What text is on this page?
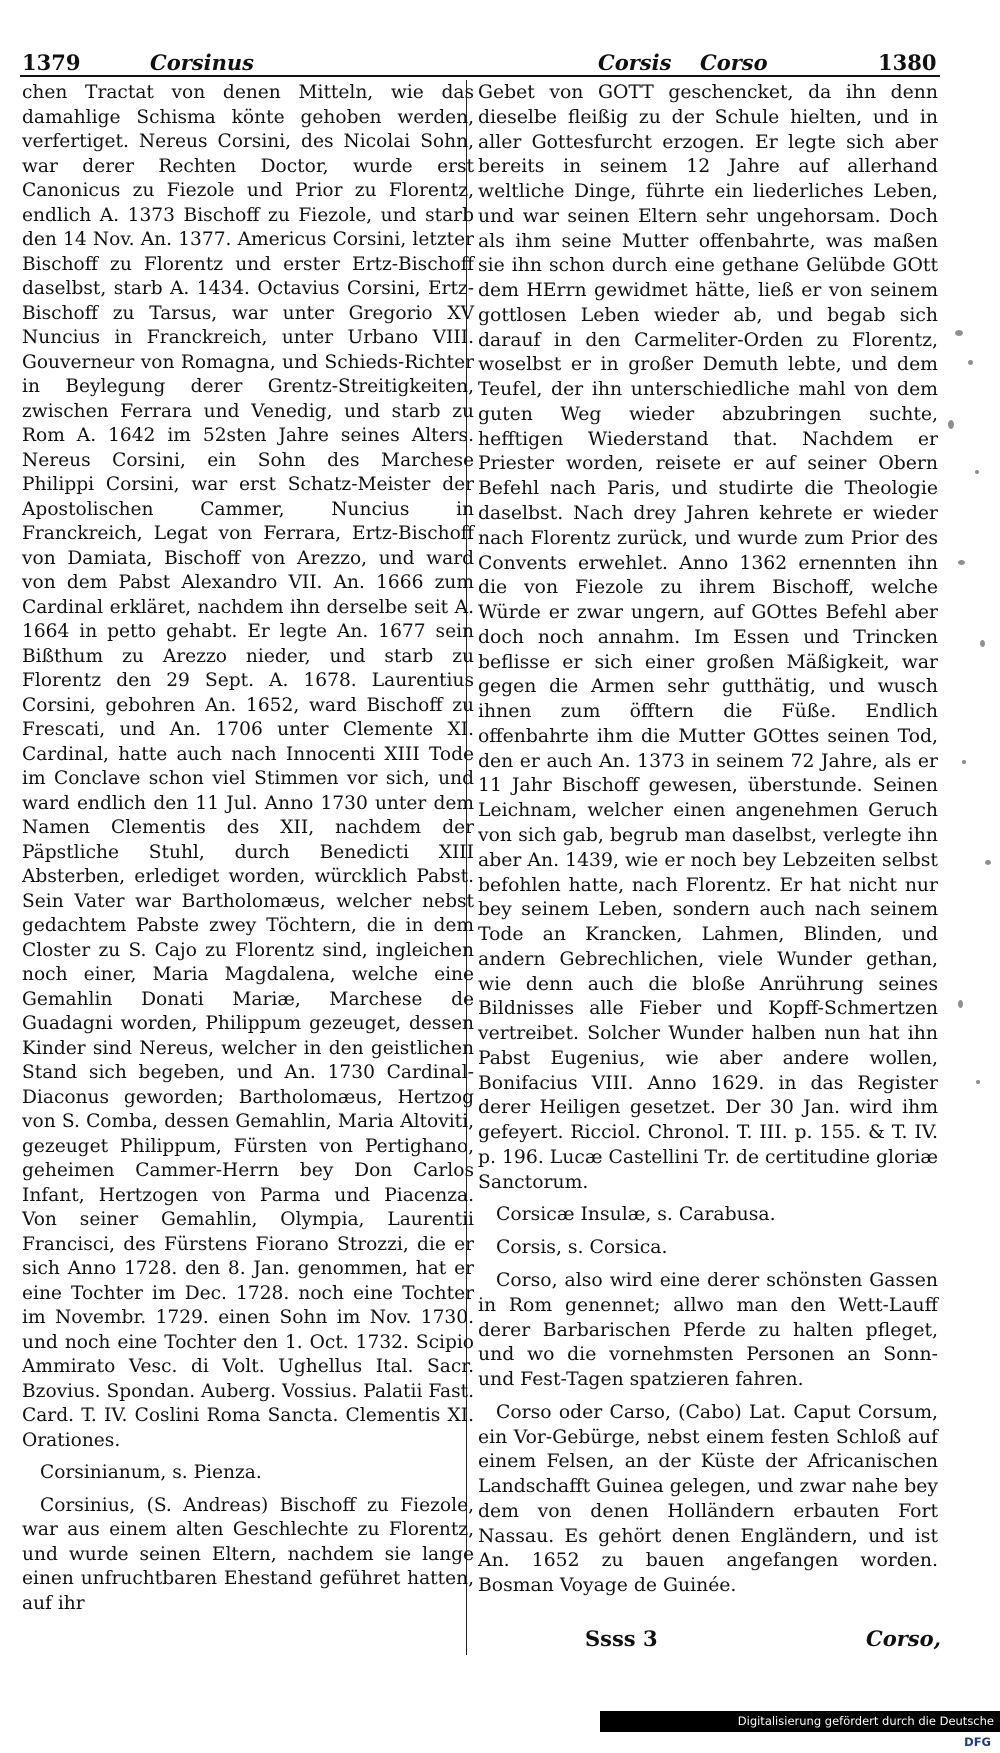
1379	Corsinus	Corsis Corso	1380

chen Tractat von denen Mitteln, wie das damahlige Schisma könte gehoben werden, verfertiget. Nereus Corsini, des Nicolai Sohn, war derer Rechten Doctor, wurde erst Canonicus zu Fiezole und Prior zu Florentz, endlich A. 1373 Bischoff zu Fiezole, und starb den 14 Nov. An. 1377. Americus Corsini, letzter Bischoff zu Florentz und erster Ertz-Bischoff daselbst, starb A. 1434. Octavius Corsini, Ertz-Bischoff zu Tarsus, war unter Gregorio XV Nuncius in Franckreich, unter Urbano VIII. Gouverneur von Romagna, und Schieds-Richter in Beylegung derer Grentz-Streitigkeiten, zwischen Ferrara und Venedig, und starb zu Rom A. 1642 im 52sten Jahre seines Alters. Nereus Corsini, ein Sohn des Marchese Philippi Corsini, war erst Schatz-Meister der Apostolischen Cammer, Nuncius in Franckreich, Legat von Ferrara, Ertz-Bischoff von Damiata, Bischoff von Arezzo, und ward von dem Pabst Alexandro VII. An. 1666 zum Cardinal erkläret, nachdem ihn derselbe seit A. 1664 in petto gehabt. Er legte An. 1677 sein Bißthum zu Arezzo nieder, und starb zu Florentz den 29 Sept. A. 1678. Laurentius Corsini, gebohren An. 1652, ward Bischoff zu Frescati, und An. 1706 unter Clemente XI. Cardinal, hatte auch nach Innocenti XIII Tode im Conclave schon viel Stimmen vor sich, und ward endlich den 11 Jul. Anno 1730 unter dem Namen Clementis des XII, nachdem der Päpstliche Stuhl, durch Benedicti XIII Absterben, erlediget worden, würcklich Pabst. Sein Vater war Bartholomæus, welcher nebst gedachtem Pabste zwey Töchtern, die in dem Closter zu S. Cajo zu Florentz sind, ingleichen noch einer, Maria Magdalena, welche eine Gemahlin Donati Mariæ, Marchese de Guadagni worden, Philippum gezeuget, dessen Kinder sind Nereus, welcher in den geistlichen Stand sich begeben, und An. 1730 Cardinal-Diaconus geworden; Bartholomæus, Hertzog von S. Comba, dessen Gemahlin, Maria Altoviti, gezeuget Philippum, Fürsten von Pertighano, geheimen Cammer-Herrn bey Don Carlos Infant, Hertzogen von Parma und Piacenza. Von seiner Gemahlin, Olympia, Laurentii Francisci, des Fürstens Fiorano Strozzi, die er sich Anno 1728. den 8. Jan. genommen, hat er eine Tochter im Dec. 1728. noch eine Tochter im Novembr. 1729. einen Sohn im Nov. 1730. und noch eine Tochter den 1. Oct. 1732. Scipio Ammirato Vesc. di Volt. Ughellus Ital. Sacr. Bzovius. Spondan. Auberg. Vossius. Palatii Fast. Card. T. IV. Coslini Roma Sancta. Clementis XI. Orationes.

Corsinianum, s. Pienza.

Corsinius, (S. Andreas) Bischoff zu Fiezole, war aus einem alten Geschlechte zu Florentz, und wurde seinen Eltern, nachdem sie lange einen unfruchtbaren Ehestand geführet hatten, auf ihr

Gebet von GOTT geschencket, da ihn denn dieselbe fleißig zu der Schule hielten, und in aller Gottesfurcht erzogen. Er legte sich aber bereits in seinem 12 Jahre auf allerhand weltliche Dinge, führte ein liederliches Leben, und war seinen Eltern sehr ungehorsam. Doch als ihm seine Mutter offenbahrte, was maßen sie ihn schon durch eine gethane Gelübde GOtt dem HErrn gewidmet hätte, ließ er von seinem gottlosen Leben wieder ab, und begab sich darauf in den Carmeliter-Orden zu Florentz, woselbst er in großer Demuth lebte, und dem Teufel, der ihn unterschiedliche mahl von dem guten Weg wieder abzubringen suchte, hefftigen Wiederstand that. Nachdem er Priester worden, reisete er auf seiner Obern Befehl nach Paris, und studirte die Theologie daselbst. Nach drey Jahren kehrete er wieder nach Florentz zurück, und wurde zum Prior des Convents erwehlet. Anno 1362 ernennten ihn die von Fiezole zu ihrem Bischoff, welche Würde er zwar ungern, auf GOttes Befehl aber doch noch annahm. Im Essen und Trincken beflisse er sich einer großen Mäßigkeit, war gegen die Armen sehr gutthätig, und wusch ihnen zum öfftern die Füße. Endlich offenbahrte ihm die Mutter GOttes seinen Tod, den er auch An. 1373 in seinem 72 Jahre, als er 11 Jahr Bischoff gewesen, überstunde. Seinen Leichnam, welcher einen angenehmen Geruch von sich gab, begrub man daselbst, verlegte ihn aber An. 1439, wie er noch bey Lebzeiten selbst befohlen hatte, nach Florentz. Er hat nicht nur bey seinem Leben, sondern auch nach seinem Tode an Krancken, Lahmen, Blinden, und andern Gebrechlichen, viele Wunder gethan, wie denn auch die bloße Anrührung seines Bildnisses alle Fieber und Kopff-Schmertzen vertreibet. Solcher Wunder halben nun hat ihn Pabst Eugenius, wie aber andere wollen, Bonifacius VIII. Anno 1629. in das Register derer Heiligen gesetzet. Der 30 Jan. wird ihm gefeyert. Ricciol. Chronol. T. III. p. 155. & T. IV. p. 196. Lucæ Castellini Tr. de certitudine gloriæ Sanctorum.

Corsicæ Insulæ, s. Carabusa.

Corsis, s. Corsica.

Corso, also wird eine derer schönsten Gassen in Rom genennet; allwo man den Wett-Lauff derer Barbarischen Pferde zu halten pfleget, und wo die vornehmsten Personen an Sonn- und Fest-Tagen spatzieren fahren.

Corso oder Carso, (Cabo) Lat. Caput Corsum, ein Vor-Gebürge, nebst einem festen Schloß auf einem Felsen, an der Küste der Africanischen Landschafft Guinea gelegen, und zwar nahe bey dem von denen Holländern erbauten Fort Nassau. Es gehört denen Engländern, und ist An. 1652 zu bauen angefangen worden. Bosman Voyage de Guinée.

Ssss 3	Corso,
Digitalisierung gefördert durch die Deutsche Forschungsgemeinschaft DFG
